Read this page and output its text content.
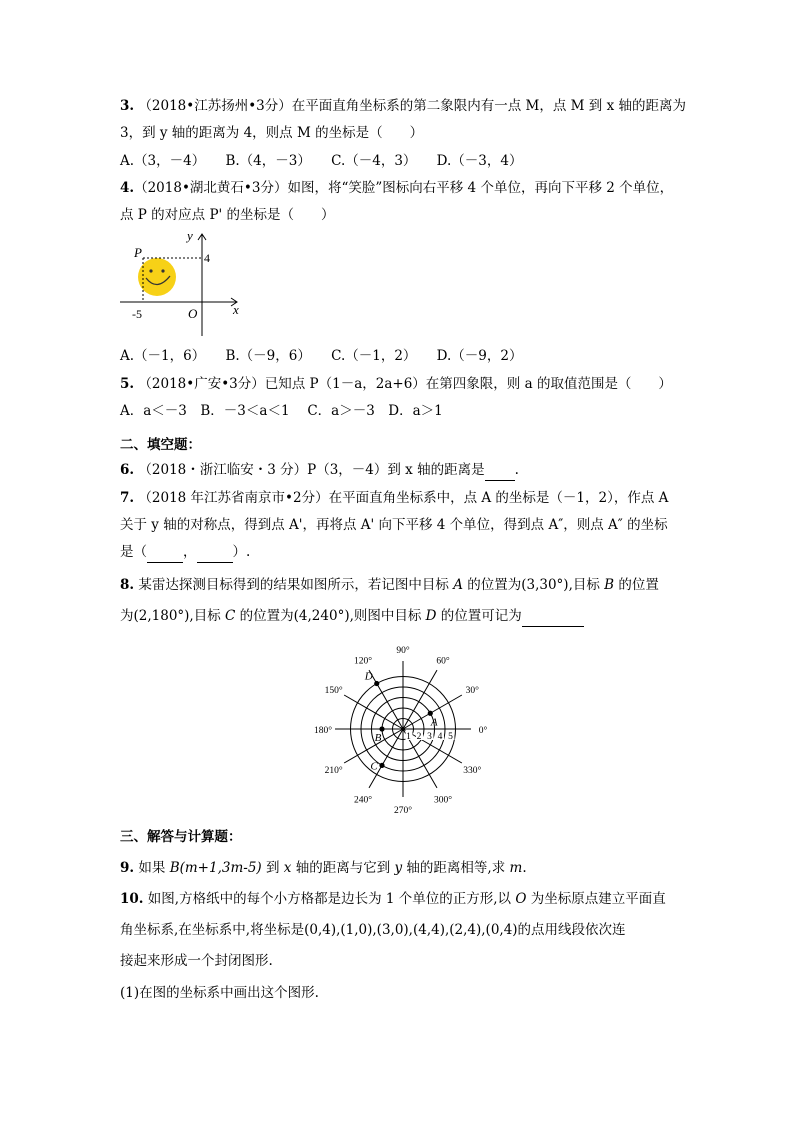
3. （2018•江苏扬州•3分）在平面直角坐标系的第二象限内有一点 M，点 M 到 x 轴的距离为
3，到 y 轴的距离为 4，则点 M 的坐标是（　　）
A.（3，－4）　　B.（4，－3）　　C.（－4，3）　　D.（－3，4）
4.（2018•湖北黄石•3分）如图，将“笑脸”图标向右平移 4 个单位，再向下平移 2 个单位，
点 P 的对应点 P' 的坐标是（　　）
y
x
P	4
-5	O
A.（－1，6）　　B.（－9，6）　　C.（－1，2）　　D.（－9，2）
5. （2018•广安•3分）已知点 P（1－a，2a+6）在第四象限，则 a 的取值范围是（　　）
A．a＜－3　B．－3＜a＜1　 C．a＞－3　D．a＞1
二、填空题：
6. （2018・浙江临安・3 分）P（3，－4）到 x 轴的距离是 .
7. （2018 年江苏省南京市•2分）在平面直角坐标系中，点 A 的坐标是（－1，2），作点 A
关于 y 轴的对称点，得到点 A'，再将点 A' 向下平移 4 个单位，得到点 A″，则点 A″ 的坐标
是（	，	）.
8. 某雷达探测目标得到的结果如图所示，若记图中目标 A 的位置为(3,30°),目标 B 的位置
为(2,180°),目标 C 的位置为(4,240°),则图中目标 D 的位置可记为
0°
30°
60°
90°
120°
150°
180°
210°
240°
270°
300°
330°
1 2 3 4 5
A
B
C
D
三、解答与计算题：
9. 如果 B(m+1,3m-5) 到 x 轴的距离与它到 y 轴的距离相等,求 m.
10. 如图,方格纸中的每个小方格都是边长为 1 个单位的正方形,以 O 为坐标原点建立平面直
角坐标系,在坐标系中,将坐标是(0,4),(1,0),(3,0),(4,4),(2,4),(0,4)的点用线段依次连
接起来形成一个封闭图形.
(1)在图的坐标系中画出这个图形.
